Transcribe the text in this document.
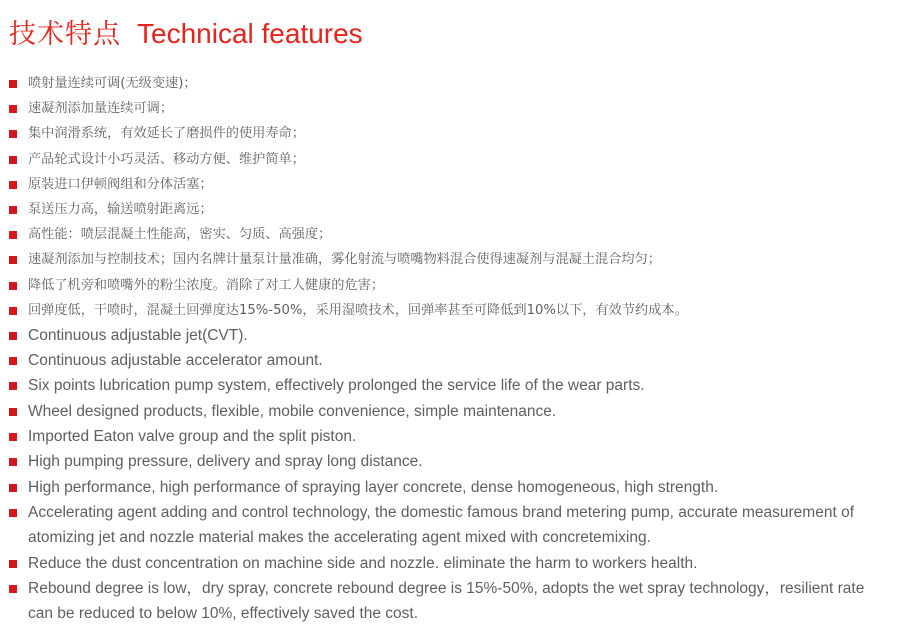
技术特点 Technical features
喷射量连续可调(无级变速)；
速凝剂添加量连续可调；
集中润滑系统，有效延长了磨损件的使用寿命；
产品轮式设计小巧灵活、移动方便、维护简单；
原装进口伊顿阀组和分体活塞；
泵送压力高，输送喷射距离远；
高性能：喷层混凝土性能高，密实、匀质、高强度；
速凝剂添加与控制技术；国内名牌计量泵计量准确，雾化射流与喷嘴物料混合使得速凝剂与混凝土混合均匀；
降低了机旁和喷嘴外的粉尘浓度。消除了对工人健康的危害；
回弹度低，干喷时，混凝土回弹度达15%-50%，采用湿喷技术，回弹率甚至可降低到10%以下，有效节约成本。
Continuous adjustable jet(CVT).
Continuous adjustable accelerator amount.
Six points lubrication pump system, effectively prolonged the service life of the wear parts.
Wheel designed products, flexible, mobile convenience, simple maintenance.
Imported Eaton valve group and the split piston.
High pumping pressure, delivery and spray long distance.
High performance, high performance of spraying layer concrete, dense homogeneous, high strength.
Accelerating agent adding and control technology, the domestic famous brand metering pump, accurate measurement of atomizing jet and nozzle material makes the accelerating agent mixed with concretemixing.
Reduce the dust concentration on machine side and nozzle. eliminate the harm to workers health.
Rebound degree is low，dry spray, concrete rebound degree is 15%-50%, adopts the wet spray technology，resilient rate can be reduced to below 10%, effectively saved the cost.
